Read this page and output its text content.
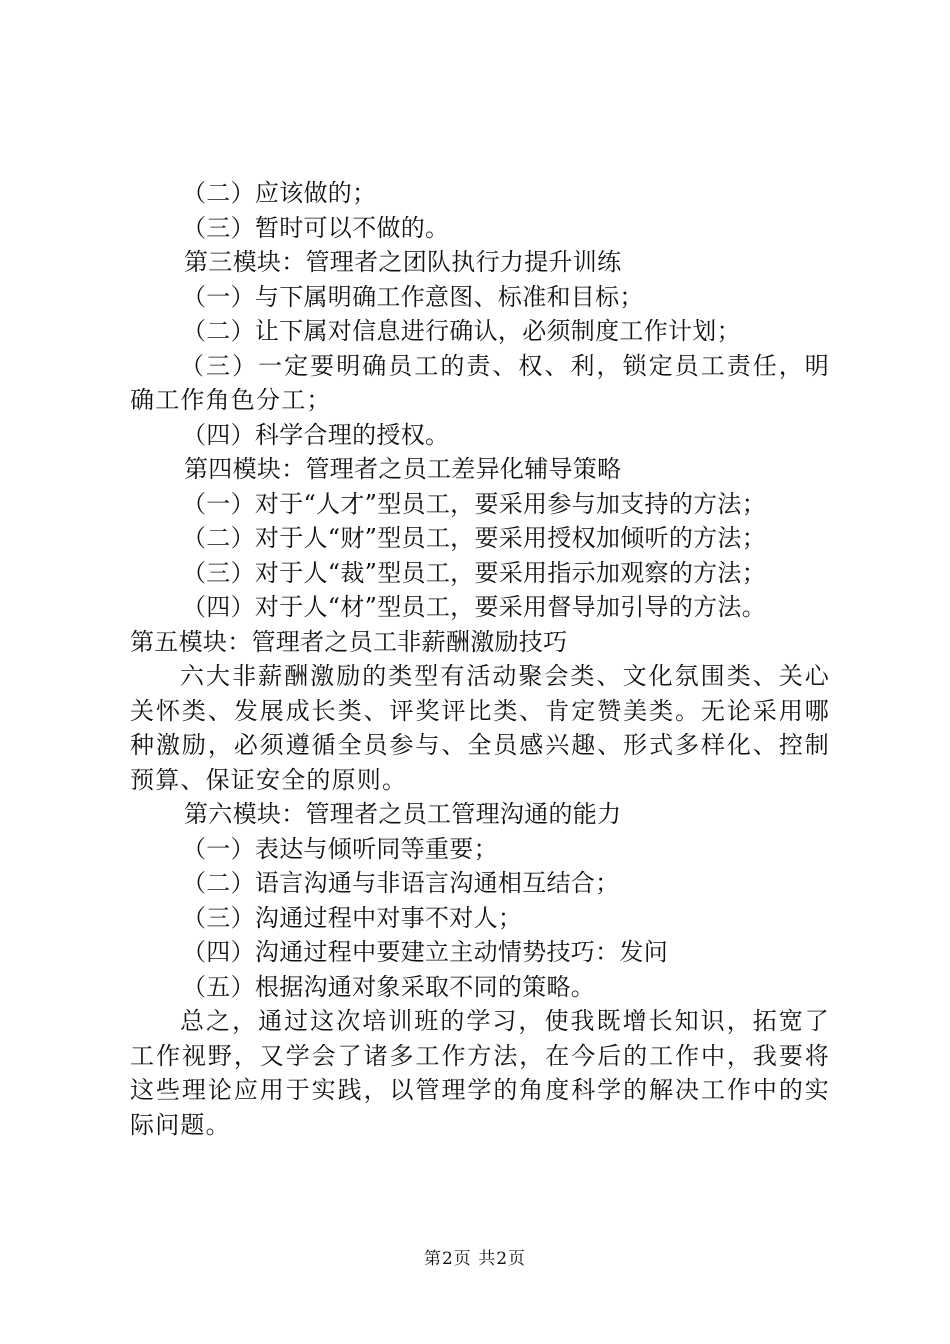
（二）应该做的；
（三）暂时可以不做的。
第三模块：管理者之团队执行力提升训练
（一）与下属明确工作意图、标准和目标；
（二）让下属对信息进行确认，必须制度工作计划；
（三）一定要明确员工的责、权、利，锁定员工责任，明确工作角色分工；
（四）科学合理的授权。
第四模块：管理者之员工差异化辅导策略
（一）对于“人才”型员工，要采用参与加支持的方法；
（二）对于人“财”型员工，要采用授权加倾听的方法；
（三）对于人“裁”型员工，要采用指示加观察的方法；
（四）对于人“材”型员工，要采用督导加引导的方法。
第五模块：管理者之员工非薪酬激励技巧
六大非薪酬激励的类型有活动聚会类、文化氛围类、关心关怀类、发展成长类、评奖评比类、肯定赞美类。无论采用哪种激励，必须遵循全员参与、全员感兴趣、形式多样化、控制预算、保证安全的原则。
第六模块：管理者之员工管理沟通的能力
（一）表达与倾听同等重要；
（二）语言沟通与非语言沟通相互结合；
（三）沟通过程中对事不对人；
（四）沟通过程中要建立主动情势技巧：发问
（五）根据沟通对象采取不同的策略。
总之，通过这次培训班的学习，使我既增长知识，拓宽了工作视野，又学会了诸多工作方法，在今后的工作中，我要将这些理论应用于实践，以管理学的角度科学的解决工作中的实际问题。
第2页 共2页
